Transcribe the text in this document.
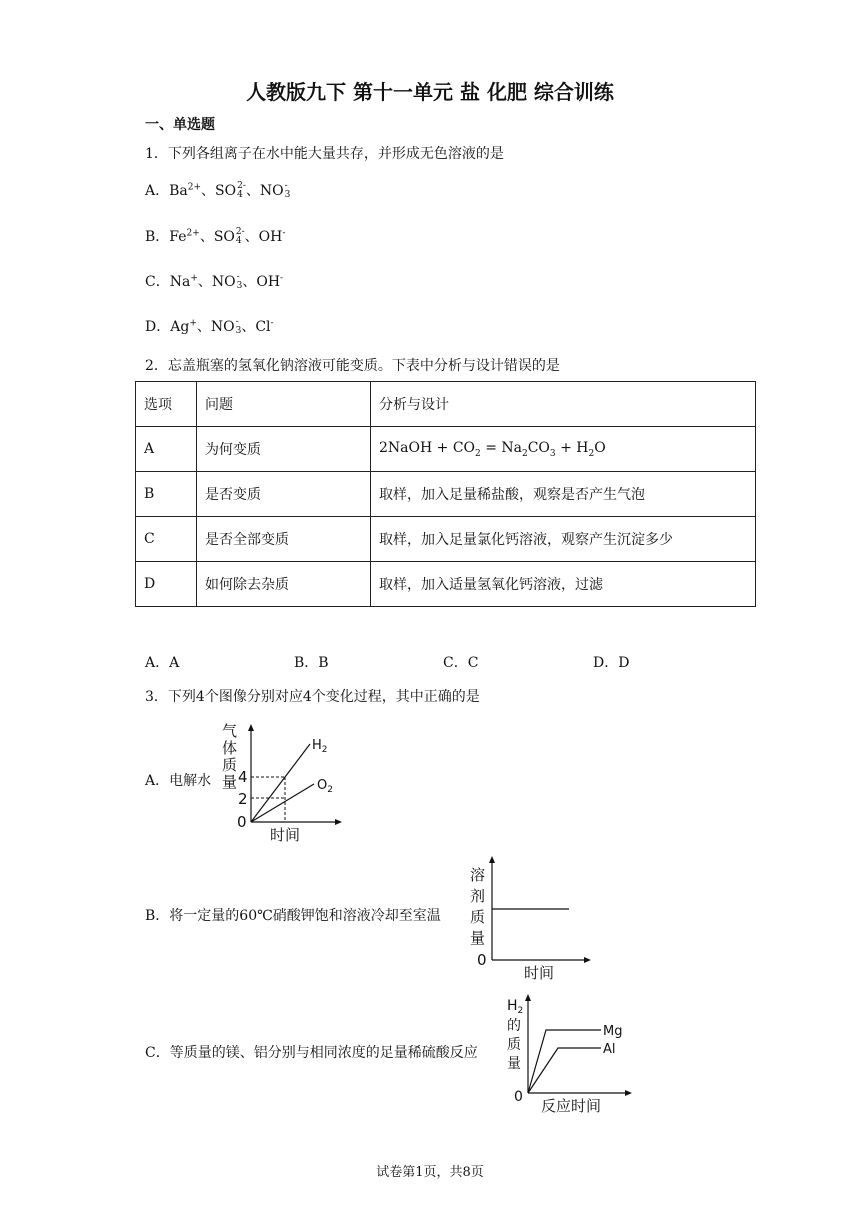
人教版九下 第十一单元 盐 化肥 综合训练
一、单选题
1．下列各组离子在水中能大量共存，并形成无色溶液的是
A．$Ba^{2+}$、SO 2-
4 、NO -
3
B．$Fe^{2+}$、SO 2-
4 、OH-
C．Na+、NO -
3 、OH-
D．Ag+、NO -
3 、Cl-
2．忘盖瓶塞的氢氧化钠溶液可能变质。下表中分析与设计错误的是
选项	问题	分析与设计
A	为何变质	2NaOH + $CO_2 = Na_2CO_3 + H_2O$
B	是否变质	取样，加入足量稀盐酸，观察是否产生气泡
C	是否全部变质	取样，加入足量氯化钙溶液，观察产生沉淀多少
D	如何除去杂质	取样，加入适量氢氧化钙溶液，过滤
A．A	B．B	C．C	D．D
3．下列4个图像分别对应4个变化过程，其中正确的是
A．电解水
气
体
质
量
时间
4
2
0
$H_2$
$O_2$
B．将一定量的60℃硝酸钾饱和溶液冷却至室温
溶
剂
质
量
0
时间
C．等质量的镁、铝分别与相同浓度的足量稀硫酸反应
$H_2$
的
质
量
0 反应时间
Mg
Al
试卷第1页，共8页
